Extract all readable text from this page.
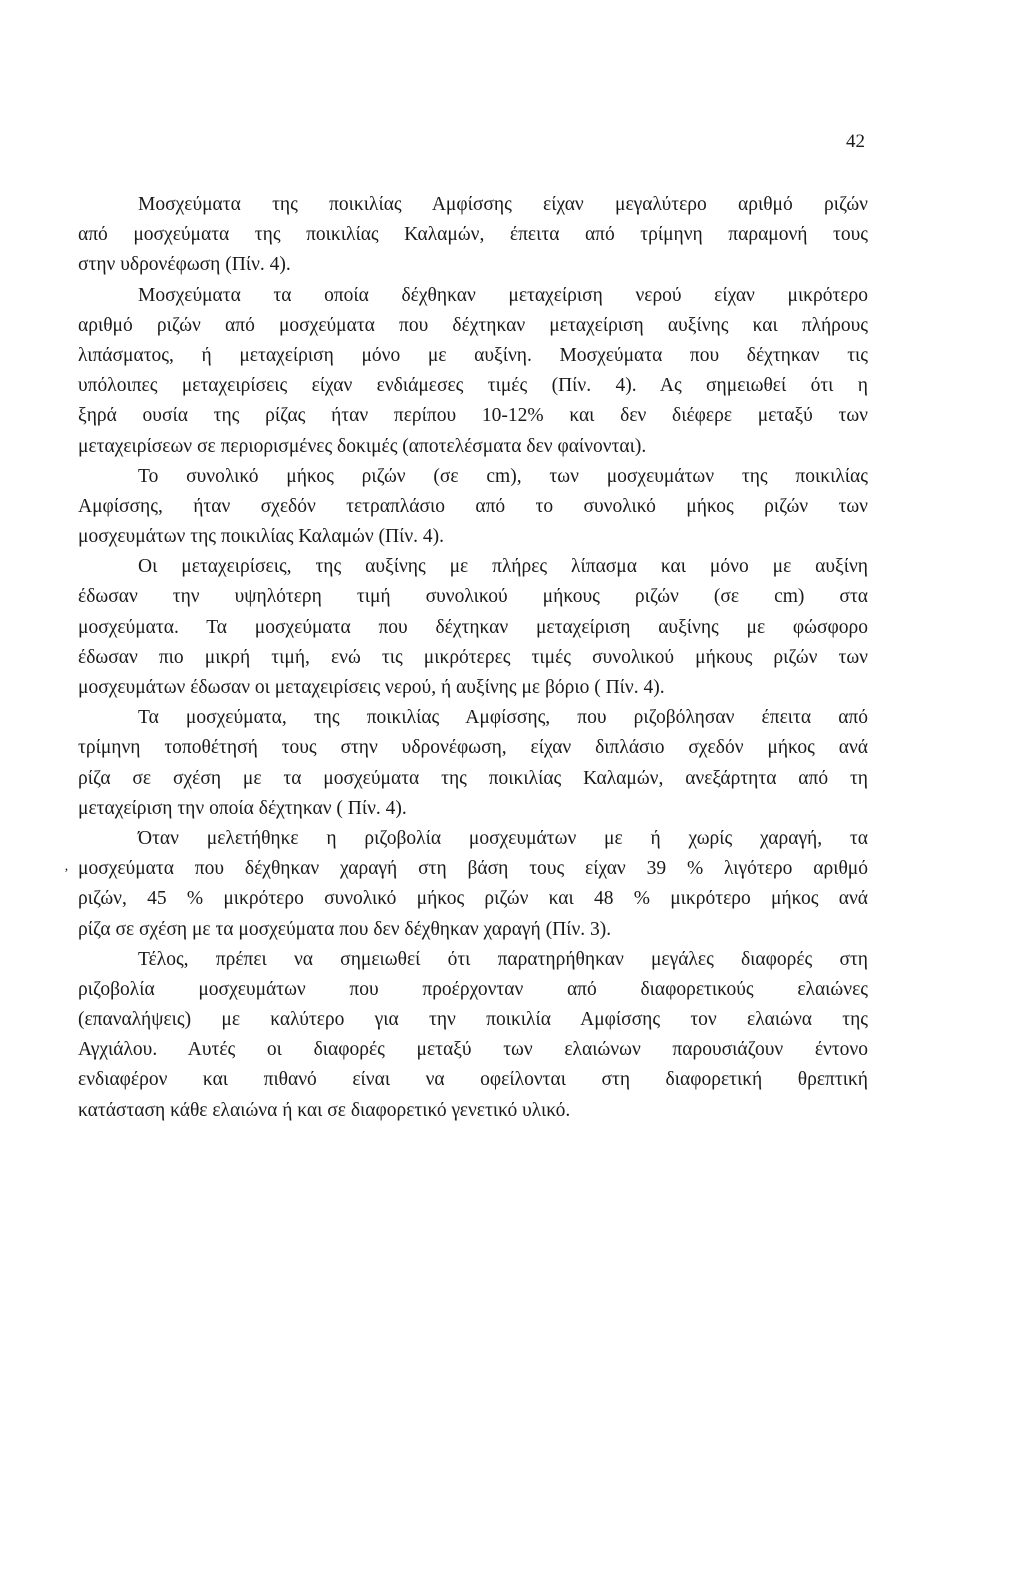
42
Μοσχεύματα της ποικιλίας Αμφίσσης είχαν μεγαλύτερο αριθμό ριζών
από μοσχεύματα της ποικιλίας Καλαμών, έπειτα από τρίμηνη παραμονή τους
στην υδρονέφωση (Πίν. 4).
Μοσχεύματα τα οποία δέχθηκαν μεταχείριση νερού είχαν μικρότερο
αριθμό ριζών από μοσχεύματα που δέχτηκαν μεταχείριση αυξίνης και πλήρους
λιπάσματος, ή μεταχείριση μόνο με αυξίνη. Μοσχεύματα που δέχτηκαν τις
υπόλοιπες μεταχειρίσεις είχαν ενδιάμεσες τιμές (Πίν. 4). Ας σημειωθεί ότι η
ξηρά ουσία της ρίζας ήταν περίπου 10-12% και δεν διέφερε μεταξύ των
μεταχειρίσεων σε περιορισμένες δοκιμές (αποτελέσματα δεν φαίνονται).
Το συνολικό μήκος ριζών (σε cm), των μοσχευμάτων της ποικιλίας
Αμφίσσης, ήταν σχεδόν τετραπλάσιο από το συνολικό μήκος ριζών των
μοσχευμάτων της ποικιλίας Καλαμών (Πίν. 4).
Οι μεταχειρίσεις, της αυξίνης με πλήρες λίπασμα και μόνο με αυξίνη
έδωσαν την υψηλότερη τιμή συνολικού μήκους ριζών (σε cm) στα
μοσχεύματα. Τα μοσχεύματα που δέχτηκαν μεταχείριση αυξίνης με φώσφορο
έδωσαν πιο μικρή τιμή, ενώ τις μικρότερες τιμές συνολικού μήκους ριζών των
μοσχευμάτων έδωσαν οι μεταχειρίσεις νερού, ή αυξίνης με βόριο ( Πίν. 4).
Τα μοσχεύματα, της ποικιλίας Αμφίσσης, που ριζοβόλησαν έπειτα από
τρίμηνη τοποθέτησή τους στην υδρονέφωση, είχαν διπλάσιο σχεδόν μήκος ανά
ρίζα σε σχέση με τα μοσχεύματα της ποικιλίας Καλαμών, ανεξάρτητα από τη
μεταχείριση την οποία δέχτηκαν ( Πίν. 4).
Όταν μελετήθηκε η ριζοβολία μοσχευμάτων με ή χωρίς χαραγή, τα
‚ μοσχεύματα που δέχθηκαν χαραγή στη βάση τους είχαν 39 % λιγότερο αριθμό
ριζών, 45 % μικρότερο συνολικό μήκος ριζών και 48 % μικρότερο μήκος ανά
ρίζα σε σχέση με τα μοσχεύματα που δεν δέχθηκαν χαραγή (Πίν. 3).
Τέλος, πρέπει να σημειωθεί ότι παρατηρήθηκαν μεγάλες διαφορές στη
ριζοβολία μοσχευμάτων που προέρχονταν από διαφορετικούς ελαιώνες
(επαναλήψεις) με καλύτερο για την ποικιλία Αμφίσσης τον ελαιώνα της
Αγχιάλου. Αυτές οι διαφορές μεταξύ των ελαιώνων παρουσιάζουν έντονο
ενδιαφέρον και πιθανό είναι να οφείλονται στη διαφορετική θρεπτική
κατάσταση κάθε ελαιώνα ή και σε διαφορετικό γενετικό υλικό.
